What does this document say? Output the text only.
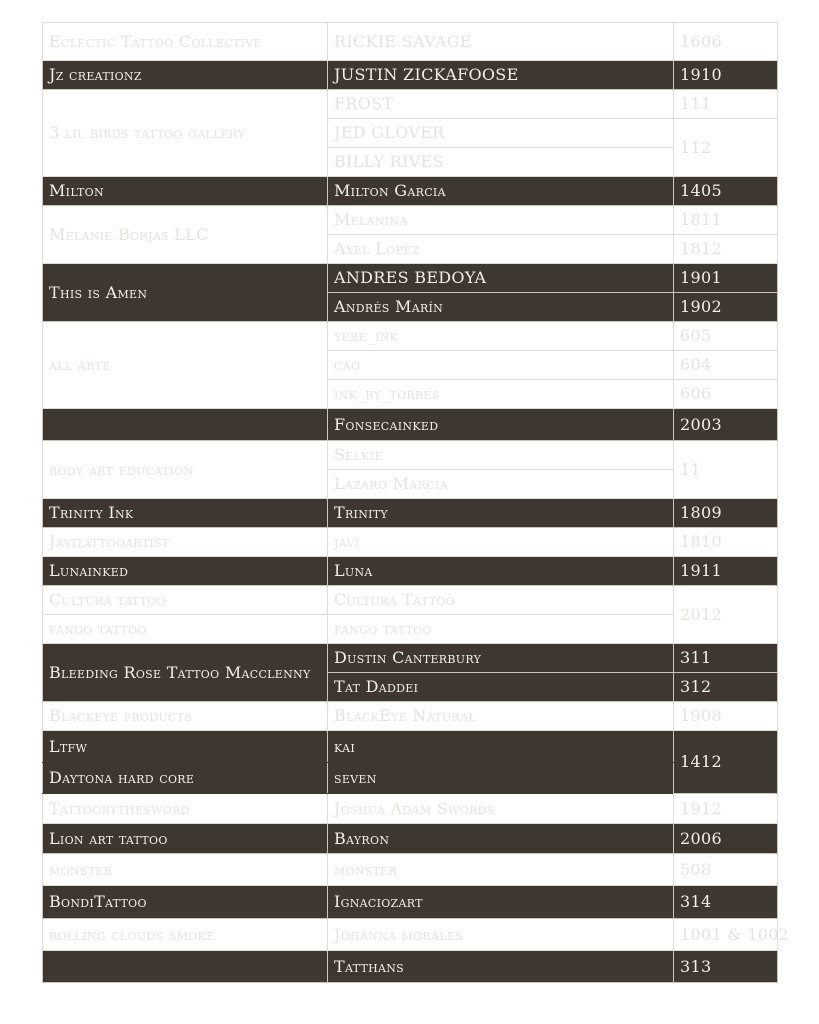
Eclectic Tattoo Collective	RICKIE SAVAGE	1606
Jz creationz	JUSTIN ZICKAFOOSE	1910
3 lil birds tattoo gallery	FROST	111
	JED GLOVER	112
	BILLY RIVES	
Milton	Milton Garcia	1405
Melanie Borjas LLC	Melanina	1811
	Axel Lopez	1812
This is Amen	ANDRES BEDOYA	1901
	Andrés Marín	1902
all arte	yere_ink	605
	cao	604
	ink_by_torres	606
	Fonsecainked	2003
body art education	Selkie	11
	Lazaro Marcia	
Trinity Ink	Trinity	1809
Javitattooartist	javi	1810
Lunainked	Luna	1911
Cultura tattoo	Cultura Tattoo	2012
fango tattoo	fango tattoo	
Bleeding Rose Tattoo Macclenny	Dustin Canterbury	311
	Tat Daddei	312
Blackeye products	BlackEye Natural	1908
Ltfw	kai	1412
Daytona hard core	seven	
Tattoobythesword	Joshua Adam Swords	1912
Lion art tattoo	Bayron	2006
monster	monster	508
BondiTattoo	Ignaciozart	314
rolling clouds smoke	Johanna morales	1001 & 1002
	Tatthans	313
